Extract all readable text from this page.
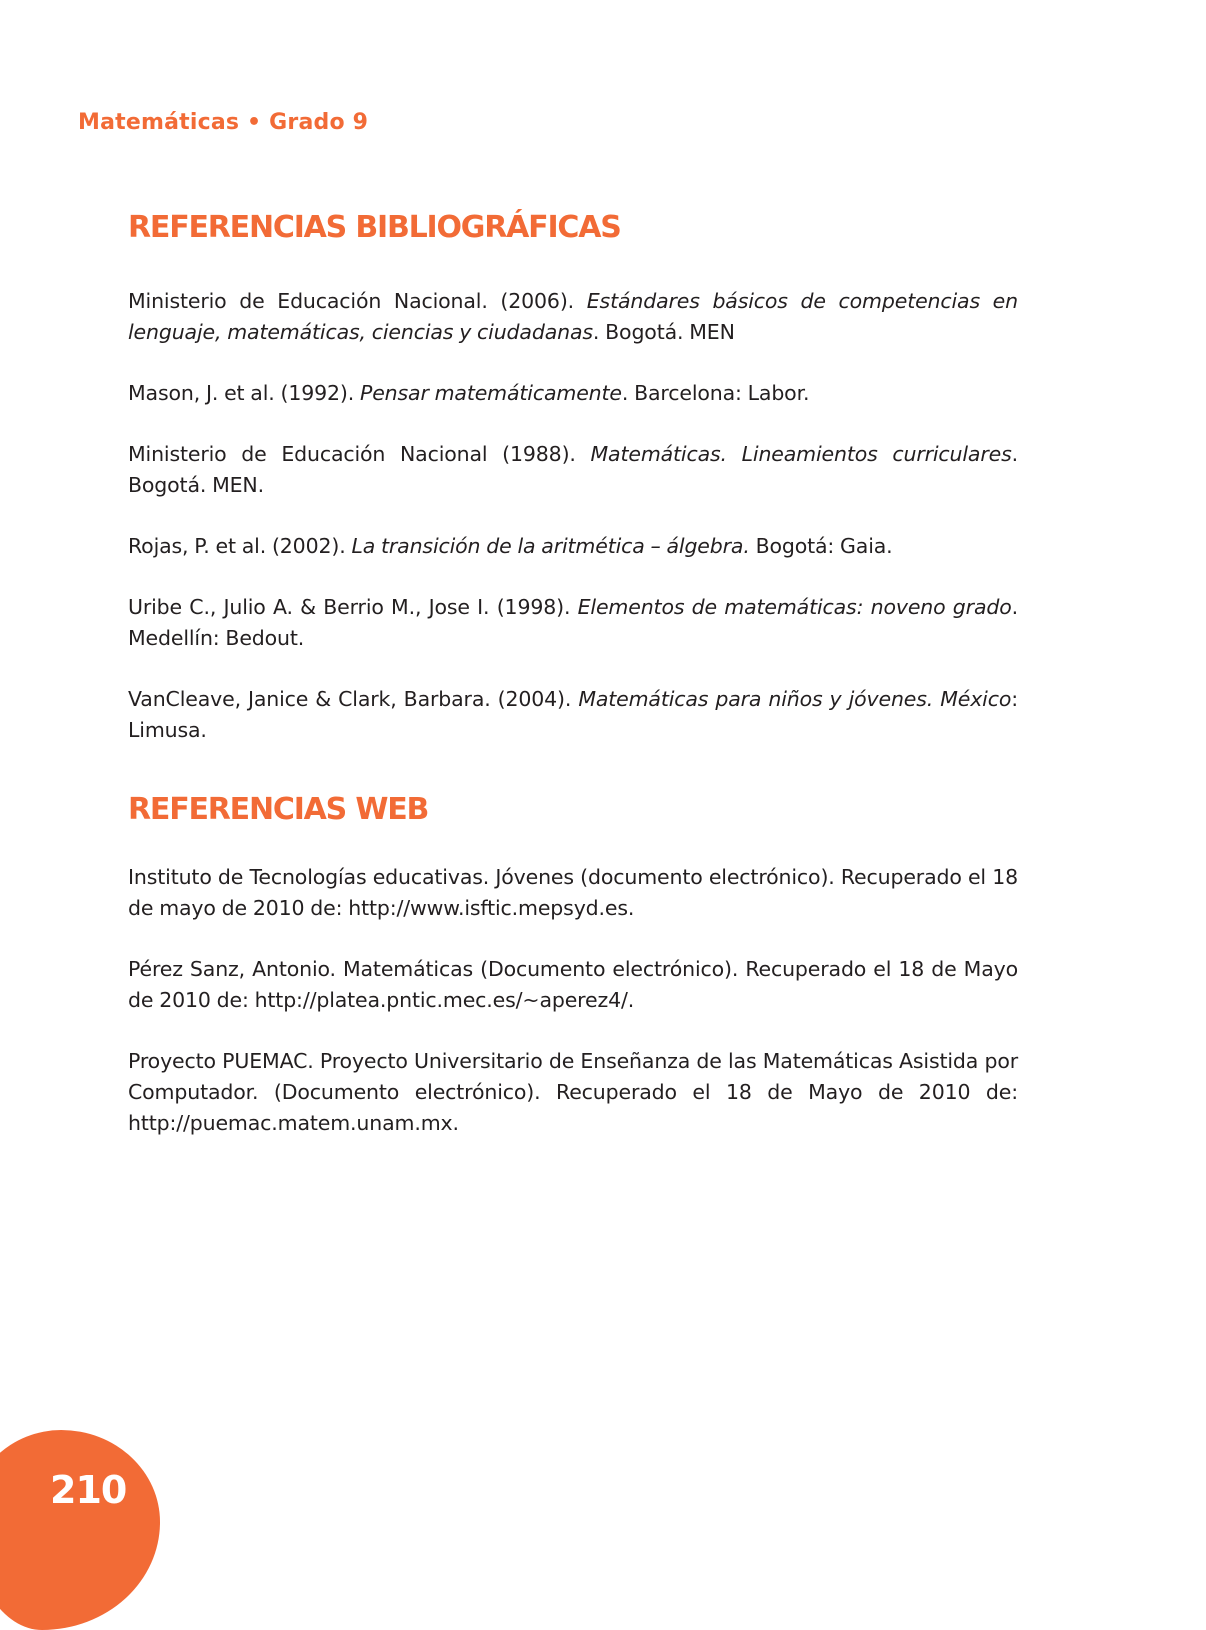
Matemáticas • Grado 9
REFERENCIAS BIBLIOGRÁFICAS
Ministerio de Educación Nacional. (2006). Estándares básicos de competencias en lenguaje, matemáticas, ciencias y ciudadanas. Bogotá. MEN
Mason, J. et al. (1992). Pensar matemáticamente. Barcelona: Labor.
Ministerio de Educación Nacional (1988). Matemáticas. Lineamientos curriculares. Bogotá. MEN.
Rojas, P. et al. (2002). La transición de la aritmética – álgebra. Bogotá: Gaia.
Uribe C., Julio A. & Berrio M., Jose I. (1998). Elementos de matemáticas: noveno grado. Medellín: Bedout.
VanCleave, Janice & Clark, Barbara. (2004). Matemáticas para niños y jóvenes. México: Limusa.
REFERENCIAS WEB
Instituto de Tecnologías educativas. Jóvenes (documento electrónico). Recuperado el 18 de mayo de 2010 de: http://www.isftic.mepsyd.es.
Pérez Sanz, Antonio. Matemáticas (Documento electrónico). Recuperado el 18 de Mayo de 2010 de: http://platea.pntic.mec.es/~aperez4/.
Proyecto PUEMAC. Proyecto Universitario de Enseñanza de las Matemáticas Asistida por Computador. (Documento electrónico). Recuperado el 18 de Mayo de 2010 de: http://puemac.matem.unam.mx.
210
